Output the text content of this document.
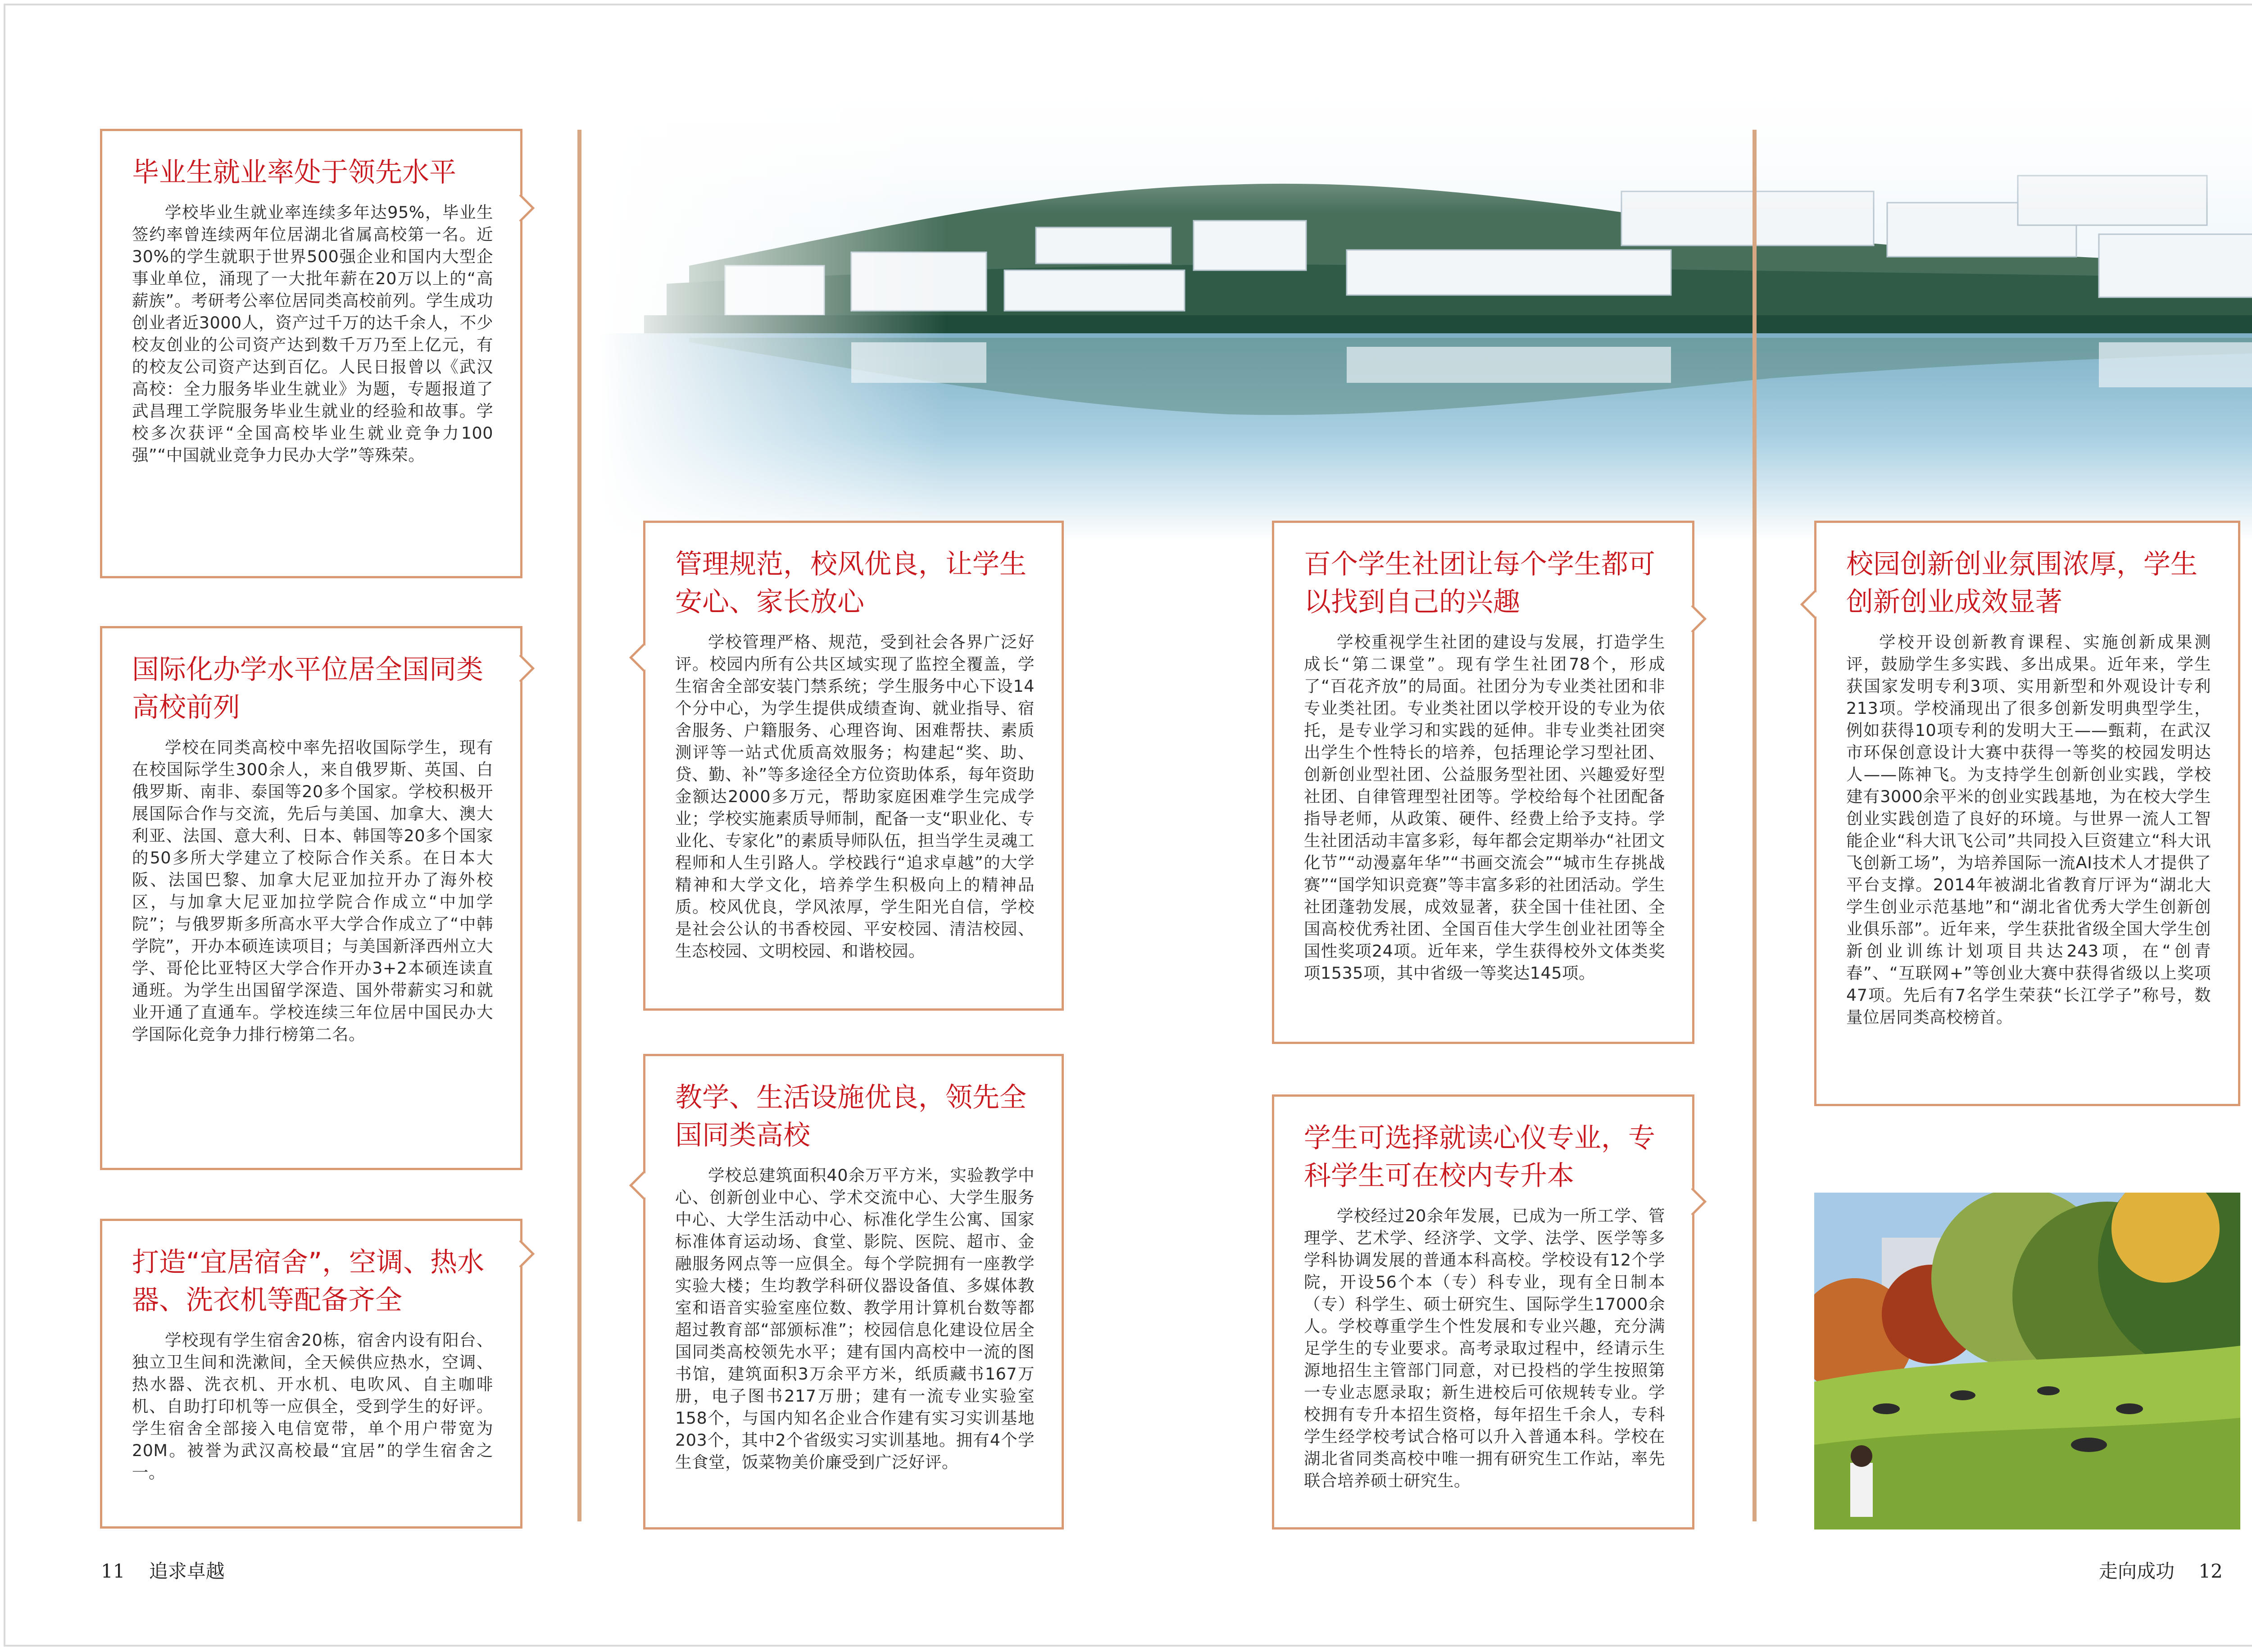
毕业生就业率处于领先水平

学校毕业生就业率连续多年达95%，毕业生签约率曾连续两年位居湖北省属高校第一名。近30%的学生就职于世界500强企业和国内大型企事业单位，涌现了一大批年薪在20万以上的“高薪族”。考研考公率位居同类高校前列。学生成功创业者近3000人，资产过千万的达千余人，不少校友创业的公司资产达到数千万乃至上亿元，有的校友公司资产达到百亿。人民日报曾以《武汉高校：全力服务毕业生就业》为题，专题报道了武昌理工学院服务毕业生就业的经验和故事。学校多次获评“全国高校毕业生就业竞争力100强”“中国就业竞争力民办大学”等殊荣。

国际化办学水平位居全国同类高校前列

学校在同类高校中率先招收国际学生，现有在校国际学生300余人，来自俄罗斯、英国、白俄罗斯、南非、泰国等20多个国家。学校积极开展国际合作与交流，先后与美国、加拿大、澳大利亚、法国、意大利、日本、韩国等20多个国家的50多所大学建立了校际合作关系。在日本大阪、法国巴黎、加拿大尼亚加拉开办了海外校区，与加拿大尼亚加拉学院合作成立“中加学院”；与俄罗斯多所高水平大学合作成立了“中韩学院”，开办本硕连读项目；与美国新泽西州立大学、哥伦比亚特区大学合作开办3+2本硕连读直通班。为学生出国留学深造、国外带薪实习和就业开通了直通车。学校连续三年位居中国民办大学国际化竞争力排行榜第二名。

打造“宜居宿舍”，空调、热水器、洗衣机等配备齐全

学校现有学生宿舍20栋，宿舍内设有阳台、独立卫生间和洗漱间，全天候供应热水，空调、热水器、洗衣机、开水机、电吹风、自主咖啡机、自助打印机等一应俱全，受到学生的好评。学生宿舍全部接入电信宽带，单个用户带宽为20M。被誉为武汉高校最“宜居”的学生宿舍之一。

管理规范，校风优良，让学生安心、家长放心

学校管理严格、规范，受到社会各界广泛好评。校园内所有公共区域实现了监控全覆盖，学生宿舍全部安装门禁系统；学生服务中心下设14个分中心，为学生提供成绩查询、就业指导、宿舍服务、户籍服务、心理咨询、困难帮扶、素质测评等一站式优质高效服务；构建起“奖、助、贷、勤、补”等多途径全方位资助体系，每年资助金额达2000多万元，帮助家庭困难学生完成学业；学校实施素质导师制，配备一支“职业化、专业化、专家化”的素质导师队伍，担当学生灵魂工程师和人生引路人。学校践行“追求卓越”的大学精神和大学文化，培养学生积极向上的精神品质。校风优良，学风浓厚，学生阳光自信，学校是社会公认的书香校园、平安校园、清洁校园、生态校园、文明校园、和谐校园。

教学、生活设施优良，领先全国同类高校

学校总建筑面积40余万平方米，实验教学中心、创新创业中心、学术交流中心、大学生服务中心、大学生活动中心、标准化学生公寓、国家标准体育运动场、食堂、影院、医院、超市、金融服务网点等一应俱全。每个学院拥有一座教学实验大楼；生均教学科研仪器设备值、多媒体教室和语音实验室座位数、教学用计算机台数等都超过教育部“部颁标准”；校园信息化建设位居全国同类高校领先水平；建有国内高校中一流的图书馆，建筑面积3万余平方米，纸质藏书167万册，电子图书217万册；建有一流专业实验室158个，与国内知名企业合作建有实习实训基地203个，其中2个省级实习实训基地。拥有4个学生食堂，饭菜物美价廉受到广泛好评。

百个学生社团让每个学生都可以找到自己的兴趣

学校重视学生社团的建设与发展，打造学生成长“第二课堂”。现有学生社团78个，形成了“百花齐放”的局面。社团分为专业类社团和非专业类社团。专业类社团以学校开设的专业为依托，是专业学习和实践的延伸。非专业类社团突出学生个性特长的培养，包括理论学习型社团、创新创业型社团、公益服务型社团、兴趣爱好型社团、自律管理型社团等。学校给每个社团配备指导老师，从政策、硬件、经费上给予支持。学生社团活动丰富多彩，每年都会定期举办“社团文化节”“动漫嘉年华”“书画交流会”“城市生存挑战赛”“国学知识竞赛”等丰富多彩的社团活动。学生社团蓬勃发展，成效显著，获全国十佳社团、全国高校优秀社团、全国百佳大学生创业社团等全国性奖项24项。近年来，学生获得校外文体类奖项1535项，其中省级一等奖达145项。

学生可选择就读心仪专业，专科学生可在校内专升本

学校经过20余年发展，已成为一所工学、管理学、艺术学、经济学、文学、法学、医学等多学科协调发展的普通本科高校。学校设有12个学院，开设56个本（专）科专业，现有全日制本（专）科学生、硕士研究生、国际学生17000余人。学校尊重学生个性发展和专业兴趣，充分满足学生的专业要求。高考录取过程中，经请示生源地招生主管部门同意，对已投档的学生按照第一专业志愿录取；新生进校后可依规转专业。学校拥有专升本招生资格，每年招生千余人，专科学生经学校考试合格可以升入普通本科。学校在湖北省同类高校中唯一拥有研究生工作站，率先联合培养硕士研究生。

校园创新创业氛围浓厚，学生创新创业成效显著

学校开设创新教育课程、实施创新成果测评，鼓励学生多实践、多出成果。近年来，学生获国家发明专利3项、实用新型和外观设计专利213项。学校涌现出了很多创新发明典型学生，例如获得10项专利的发明大王——甄莉，在武汉市环保创意设计大赛中获得一等奖的校园发明达人——陈神飞。为支持学生创新创业实践，学校建有3000余平米的创业实践基地，为在校大学生创业实践创造了良好的环境。与世界一流人工智能企业“科大讯飞公司”共同投入巨资建立“科大讯飞创新工场”，为培养国际一流AI技术人才提供了平台支撑。2014年被湖北省教育厅评为“湖北大学生创业示范基地”和“湖北省优秀大学生创新创业俱乐部”。近年来，学生获批省级全国大学生创新创业训练计划项目共达243项，在“创青春”、“互联网+”等创业大赛中获得省级以上奖项47项。先后有7名学生荣获“长江学子”称号，数量位居同类高校榜首。

11 追求卓越	走向成功 12
